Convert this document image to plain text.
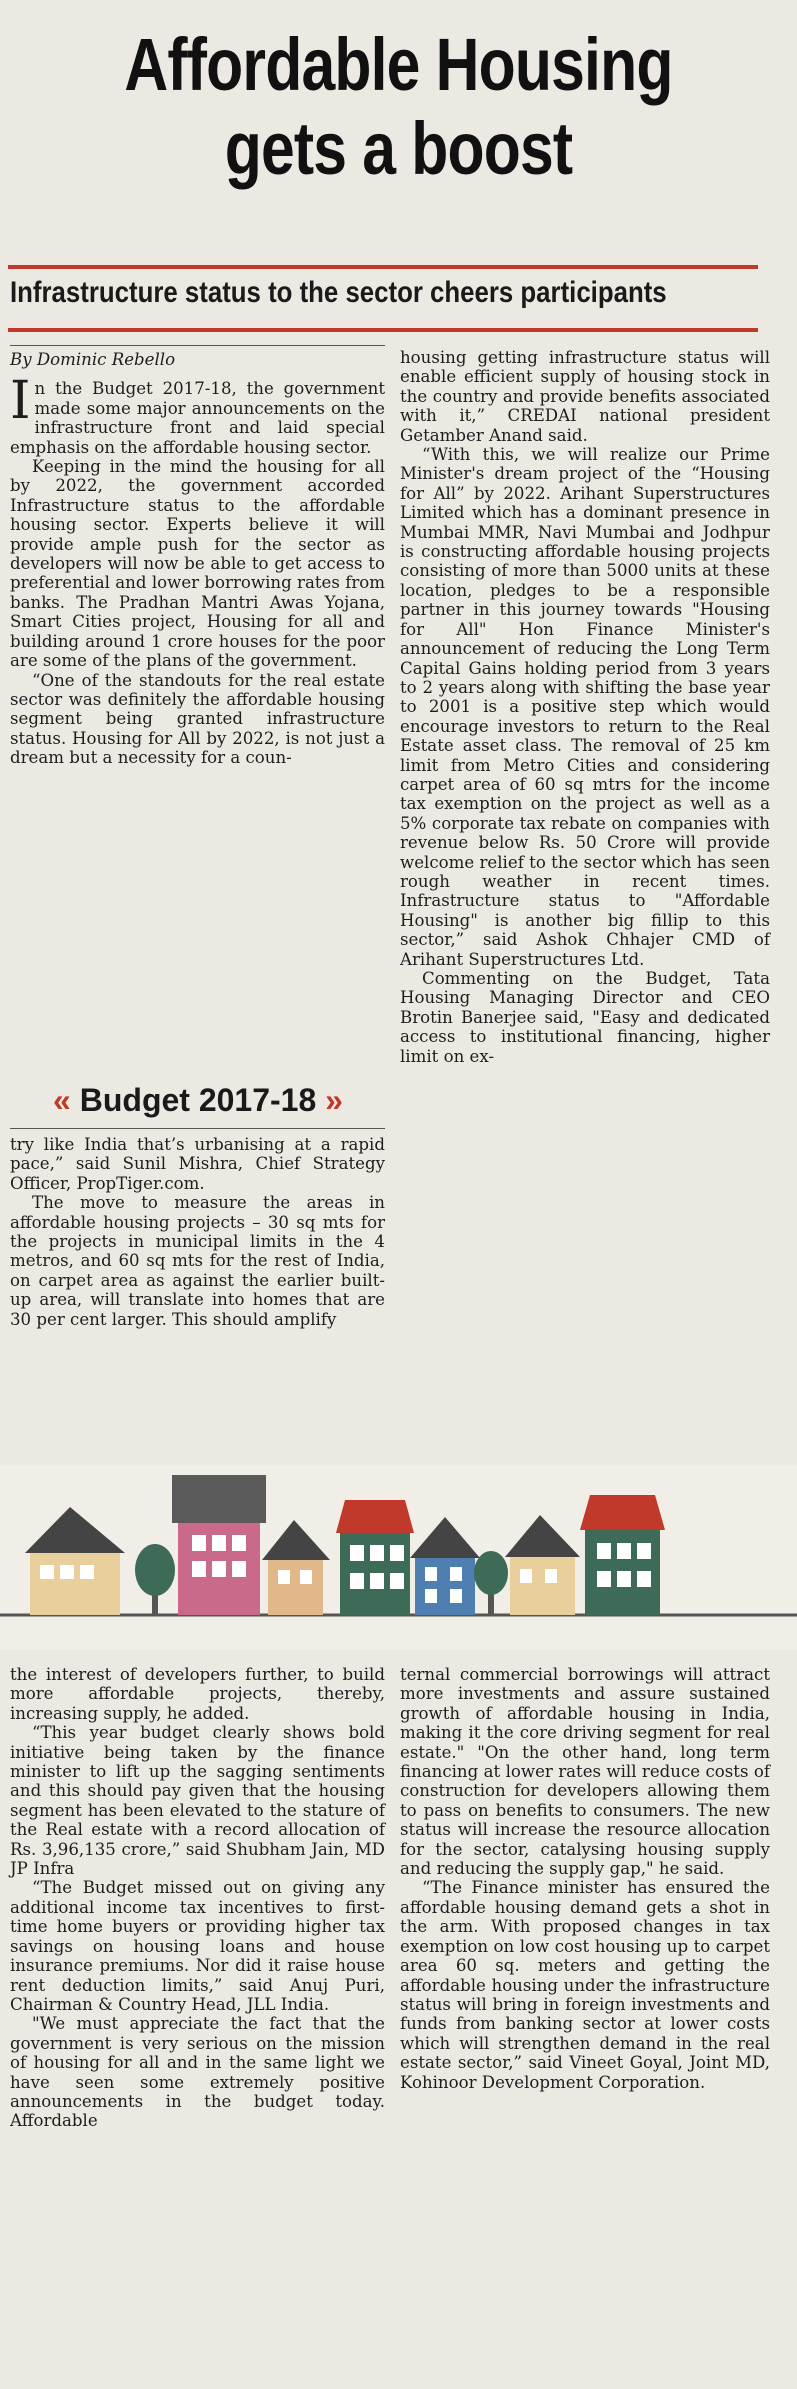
Affordable Housing
gets a boost
Infrastructure status to the sector cheers participants

By Dominic Rebello

In the Budget 2017-18, the government made some major announcements on the infrastructure front and laid special emphasis on the affordable housing sector.

Keeping in the mind the housing for all by 2022, the government accorded Infrastructure status to the affordable housing sector. Experts believe it will provide ample push for the sector as developers will now be able to get access to preferential and lower borrowing rates from banks. The Pradhan Mantri Awas Yojana, Smart Cities project, Housing for all and building around 1 crore houses for the poor are some of the plans of the government.

“One of the standouts for the real estate sector was definitely the affordable housing segment being granted infrastructure status. Housing for All by 2022, is not just a dream but a necessity for a coun-

« Budget 2017-18 »

try like India that’s urbanising at a rapid pace,” said Sunil Mishra, Chief Strategy Officer, PropTiger.com.

The move to measure the areas in affordable housing projects – 30 sq mts for the projects in municipal limits in the 4 metros, and 60 sq mts for the rest of India, on carpet area as against the earlier built-up area, will translate into homes that are 30 per cent larger. This should amplify

housing getting infrastructure status will enable efficient supply of housing stock in the country and provide benefits associated with it,” CREDAI national president Getamber Anand said.

“With this, we will realize our Prime Minister's dream project of the “Housing for All” by 2022. Arihant Superstructures Limited which has a dominant presence in Mumbai MMR, Navi Mumbai and Jodhpur is constructing affordable housing projects consisting of more than 5000 units at these location, pledges to be a responsible partner in this journey towards "Housing for All" Hon Finance Minister's announcement of reducing the Long Term Capital Gains holding period from 3 years to 2 years along with shifting the base year to 2001 is a positive step which would encourage investors to return to the Real Estate asset class. The removal of 25 km limit from Metro Cities and considering carpet area of 60 sq mtrs for the income tax exemption on the project as well as a 5% corporate tax rebate on companies with revenue below Rs. 50 Crore will provide welcome relief to the sector which has seen rough weather in recent times. Infrastructure status to "Affordable Housing" is another big fillip to this sector,” said Ashok Chhajer CMD of Arihant Superstructures Ltd.

Commenting on the Budget, Tata Housing Managing Director and CEO Brotin Banerjee said, "Easy and dedicated access to institutional financing, higher limit on ex-

the interest of developers further, to build more affordable projects, thereby, increasing supply, he added.

“This year budget clearly shows bold initiative being taken by the finance minister to lift up the sagging sentiments and this should pay given that the housing segment has been elevated to the stature of the Real estate with a record allocation of Rs. 3,96,135 crore,” said Shubham Jain, MD JP Infra

“The Budget missed out on giving any additional income tax incentives to first-time home buyers or providing higher tax savings on housing loans and house insurance premiums. Nor did it raise house rent deduction limits,” said Anuj Puri, Chairman & Country Head, JLL India.

"We must appreciate the fact that the government is very serious on the mission of housing for all and in the same light we have seen some extremely positive announcements in the budget today. Affordable

ternal commercial borrowings will attract more investments and assure sustained growth of affordable housing in India, making it the core driving segment for real estate." "On the other hand, long term financing at lower rates will reduce costs of construction for developers allowing them to pass on benefits to consumers. The new status will increase the resource allocation for the sector, catalysing housing supply and reducing the supply gap," he said.

“The Finance minister has ensured the affordable housing demand gets a shot in the arm. With proposed changes in tax exemption on low cost housing up to carpet area 60 sq. meters and getting the affordable housing under the infrastructure status will bring in foreign investments and funds from banking sector at lower costs which will strengthen demand in the real estate sector,” said Vineet Goyal, Joint MD, Kohinoor Development Corporation.
